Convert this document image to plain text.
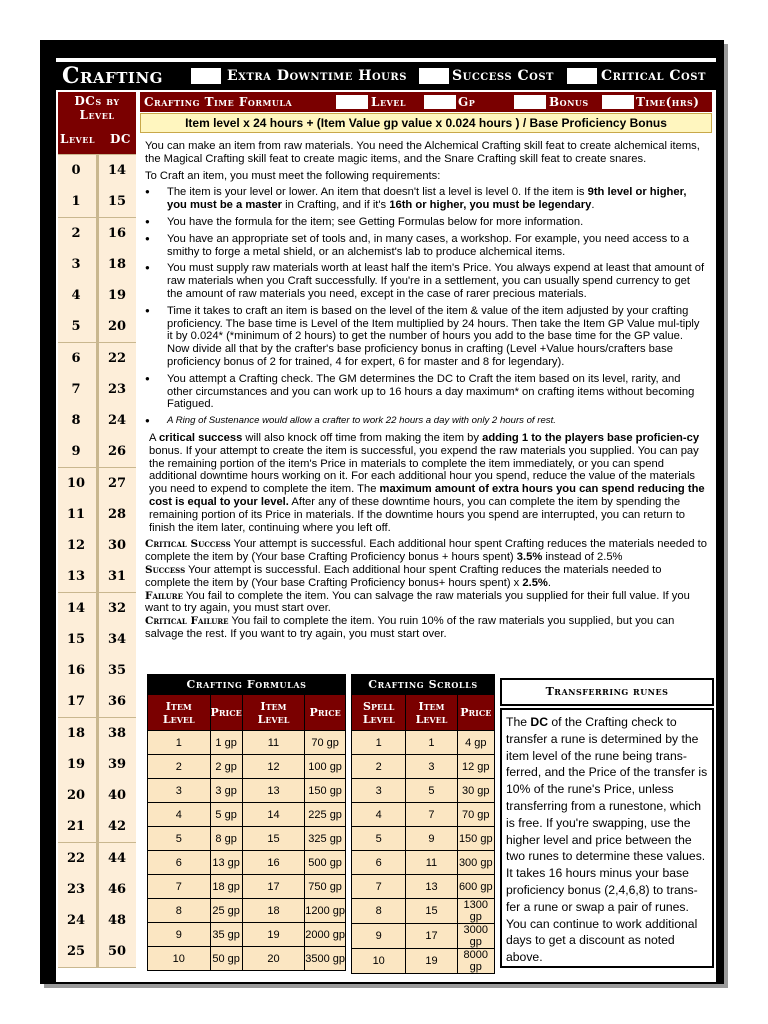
Crafting	Extra Downtime Hours	Success Cost	Critical Cost
DCs by Level
Level DC
0	14
1	15
2	16
3	18
4	19
5	20
6	22
7	23
8	24
9	26
10	27
11	28
12	30
13	31
14	32
15	34
16	35
17	36
18	38
19	39
20	40
21	42
22	44
23	46
24	48
25	50
Crafting Time Formula	Level	Gp	Bonus	Time(hrs)
Item level x 24 hours + (Item Value gp value x 0.024 hours ) / Base Proficiency Bonus

You can make an item from raw materials. You need the Alchemical Crafting skill feat to create alchemical items, the Magical Crafting skill feat to create magic items, and the Snare Crafting skill feat to create snares.

To Craft an item, you must meet the following requirements:

● The item is your level or lower. An item that doesn't list a level is level 0. If the item is 9th level or higher, you must be a master in Crafting, and if it's 16th or higher, you must be legendary.
● You have the formula for the item; see Getting Formulas below for more information.
● You have an appropriate set of tools and, in many cases, a workshop. For example, you need access to a smithy to forge a metal shield, or an alchemist's lab to produce alchemical items.
● You must supply raw materials worth at least half the item's Price. You always expend at least that amount of raw materials when you Craft successfully. If you're in a settlement, you can usually spend currency to get the amount of raw materials you need, except in the case of rarer precious materials.
● Time it takes to craft an item is based on the level of the item & value of the item adjusted by your crafting proficiency. The base time is Level of the Item multiplied by 24 hours. Then take the Item GP Value mul-tiply it by 0.024* (*minimum of 2 hours) to get the number of hours you add to the base time for the GP value. Now divide all that by the crafter's base proficiency bonus in crafting (Level +Value hours/crafters base proficiency bonus of 2 for trained, 4 for expert, 6 for master and 8 for legendary).
● You attempt a Crafting check. The GM determines the DC to Craft the item based on its level, rarity, and other circumstances and you can work up to 16 hours a day maximum* on crafting items without becoming Fatigued.
● A Ring of Sustenance would allow a crafter to work 22 hours a day with only 2 hours of rest.

A critical success will also knock off time from making the item by adding 1 to the players base proficien-cy bonus. If your attempt to create the item is successful, you expend the raw materials you supplied. You can pay the remaining portion of the item's Price in materials to complete the item immediately, or you can spend additional downtime hours working on it. For each additional hour you spend, reduce the value of the materials you need to expend to complete the item. The maximum amount of extra hours you can spend reducing the cost is equal to your level. After any of these downtime hours, you can complete the item by spending the remaining portion of its Price in materials. If the downtime hours you spend are interrupted, you can return to finish the item later, continuing where you left off.

Critical Success Your attempt is successful. Each additional hour spent Crafting reduces the materials needed to complete the item by (Your base Crafting Proficiency bonus + hours spent) 3.5% instead of 2.5%

Success Your attempt is successful. Each additional hour spent Crafting reduces the materials needed to complete the item by (Your base Crafting Proficiency bonus+ hours spent) x 2.5%.

Failure You fail to complete the item. You can salvage the raw materials you supplied for their full value. If you want to try again, you must start over.

Critical Failure You fail to complete the item. You ruin 10% of the raw materials you supplied, but you can salvage the rest. If you want to try again, you must start over.

Crafting Formulas			
Item Level	Price	Item Level	Price
1	1 gp	11	70 gp
2	2 gp	12	100 gp
3	3 gp	13	150 gp
4	5 gp	14	225 gp
5	8 gp	15	325 gp
6	13 gp	16	500 gp
7	18 gp	17	750 gp
8	25 gp	18	1200 gp
9	35 gp	19	2000 gp
10	50 gp	20	3500 gp
Crafting Scrolls		
Spell Level	Item Level	Price
1	1	4 gp
2	3	12 gp
3	5	30 gp
4	7	70 gp
5	9	150 gp
6	11	300 gp
7	13	600 gp
8	15	1300 gp
9	17	3000 gp
10	19	8000 gp
Transferring runes
The DC of the Crafting check to transfer a rune is determined by the item level of the rune being trans-ferred, and the Price of the transfer is 10% of the rune's Price, unless transferring from a runestone, which is free. If you're swapping, use the higher level and price between the two runes to determine these values. It takes 16 hours minus your base proficiency bonus (2,4,6,8) to trans-fer a rune or swap a pair of runes. You can continue to work additional days to get a discount as noted above.
